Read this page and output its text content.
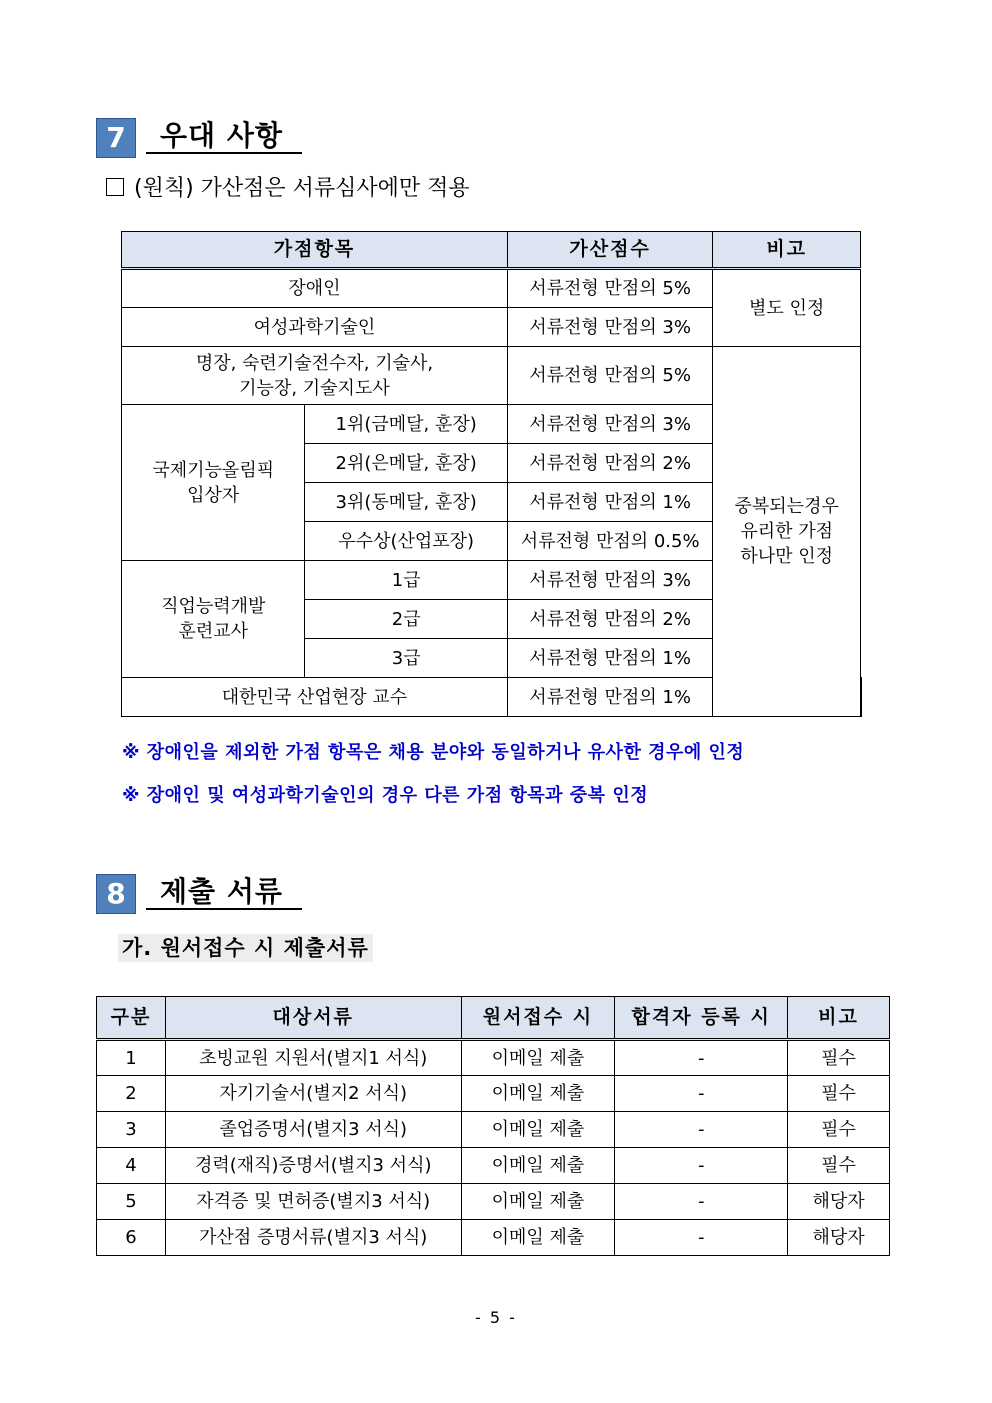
7	우대 사항
(원칙) 가산점은 서류심사에만 적용
가점항목		가산점수	비고	
장애인		서류전형 만점의 5%	별도 인정	
여성과학기술인		서류전형 만점의 3%		
명장, 숙련기술전수자, 기술사,
기능장, 기술지도사		서류전형 만점의 5%	중복되는경우
유리한 가점
하나만 인정	
국제기능올림픽
입상자	1위(금메달, 훈장)	서류전형 만점의 3%		
	2위(은메달, 훈장)	서류전형 만점의 2%		
	3위(동메달, 훈장)	서류전형 만점의 1%		
	우수상(산업포장)	서류전형 만점의 0.5%		
직업능력개발
훈련교사	1급	서류전형 만점의 3%		
	2급	서류전형 만점의 2%		
	3급	서류전형 만점의 1%		
대한민국 산업현장 교수		서류전형 만점의 1%		
※ 장애인을 제외한 가점 항목은 채용 분야와 동일하거나 유사한 경우에 인정
※ 장애인 및 여성과학기술인의 경우 다른 가점 항목과 중복 인정
8	제출 서류
가. 원서접수 시 제출서류
구분	대상서류	원서접수 시	합격자 등록 시	비고
1	초빙교원 지원서(별지1 서식)	이메일 제출	-	필수
2	자기기술서(별지2 서식)	이메일 제출	-	필수
3	졸업증명서(별지3 서식)	이메일 제출	-	필수
4	경력(재직)증명서(별지3 서식)	이메일 제출	-	필수
5	자격증 및 면허증(별지3 서식)	이메일 제출	-	해당자
6	가산점 증명서류(별지3 서식)	이메일 제출	-	해당자
- 5 -
